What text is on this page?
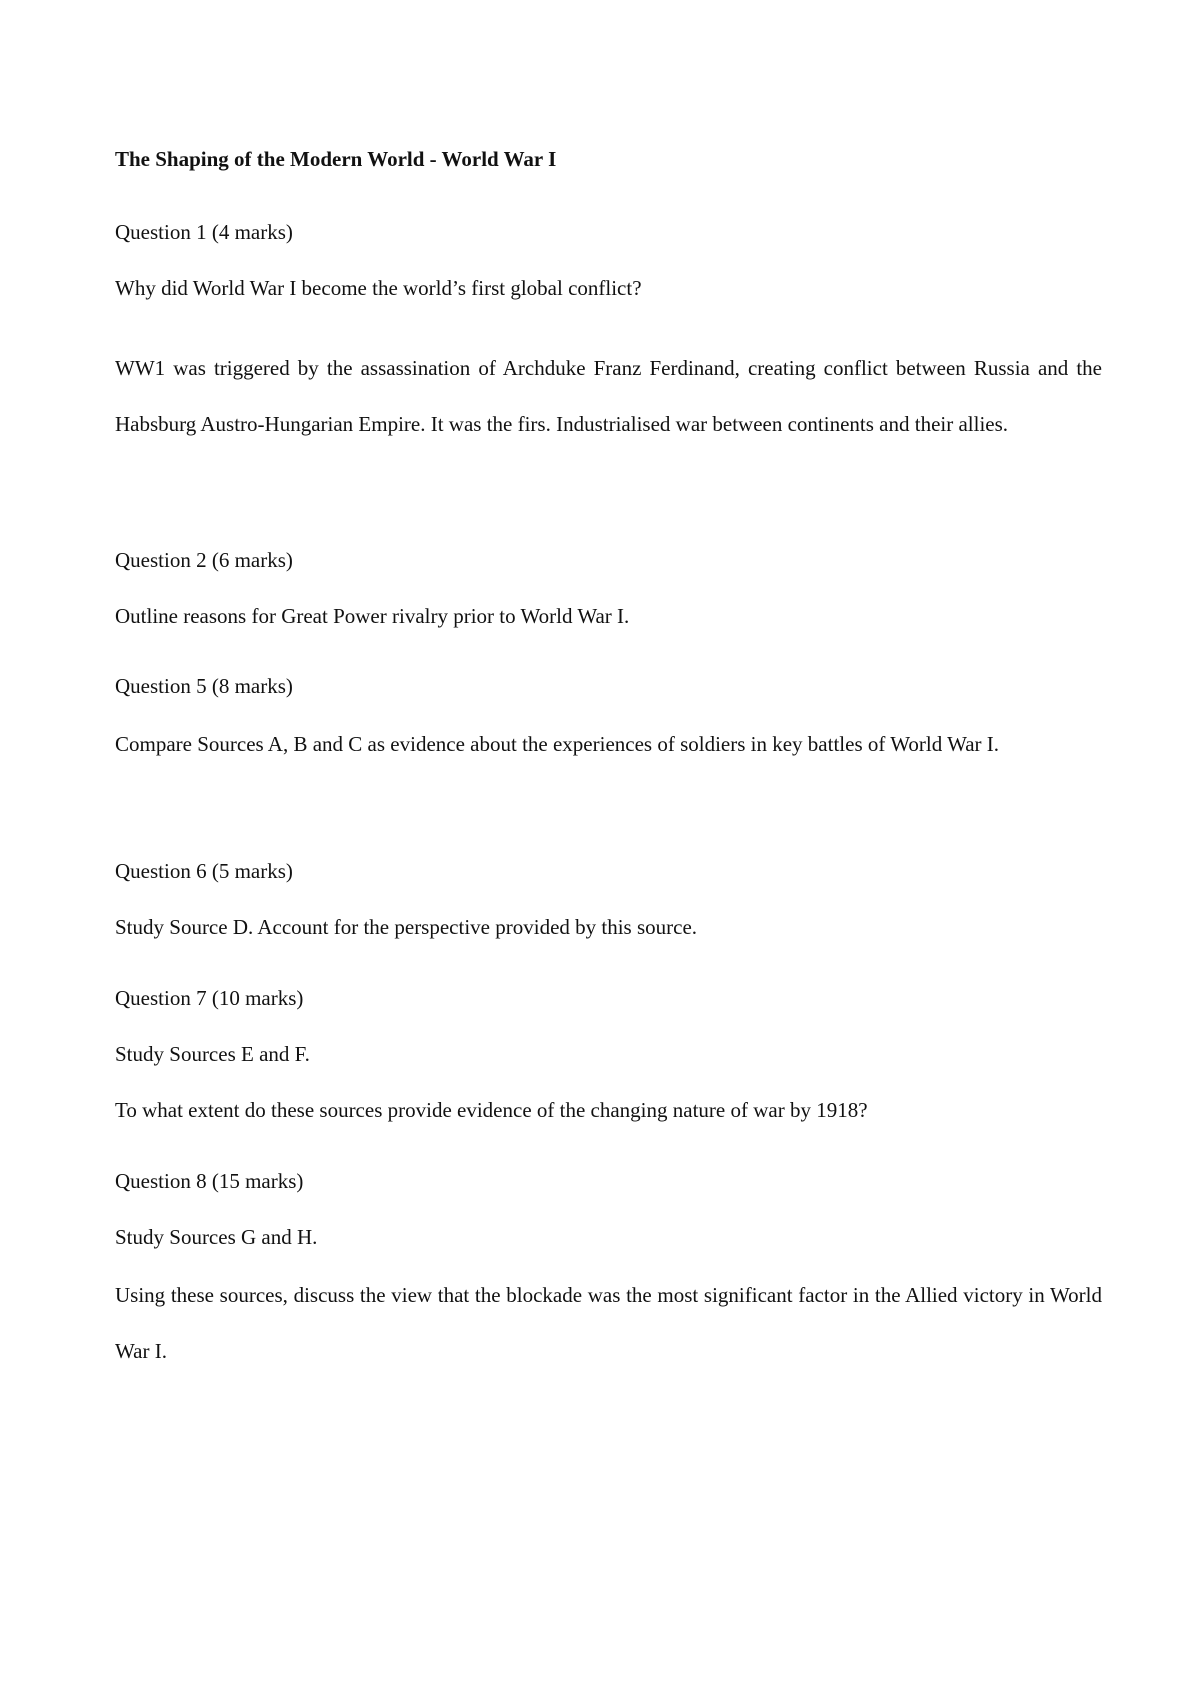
The Shaping of the Modern World - World War I

Question 1 (4 marks)

Why did World War I become the world’s first global conflict?

WW1 was triggered by the assassination of Archduke Franz Ferdinand, creating conflict between Russia and the Habsburg Austro-Hungarian Empire. It was the firs. Industrialised war between continents and their allies.

Question 2 (6 marks)

Outline reasons for Great Power rivalry prior to World War I.

Question 5 (8 marks)

Compare Sources A, B and C as evidence about the experiences of soldiers in key battles of World War I.

Question 6 (5 marks)

Study Source D. Account for the perspective provided by this source.

Question 7 (10 marks)

Study Sources E and F.

To what extent do these sources provide evidence of the changing nature of war by 1918?

Question 8 (15 marks)

Study Sources G and H.

Using these sources, discuss the view that the blockade was the most significant factor in the Allied victory in World War I.
